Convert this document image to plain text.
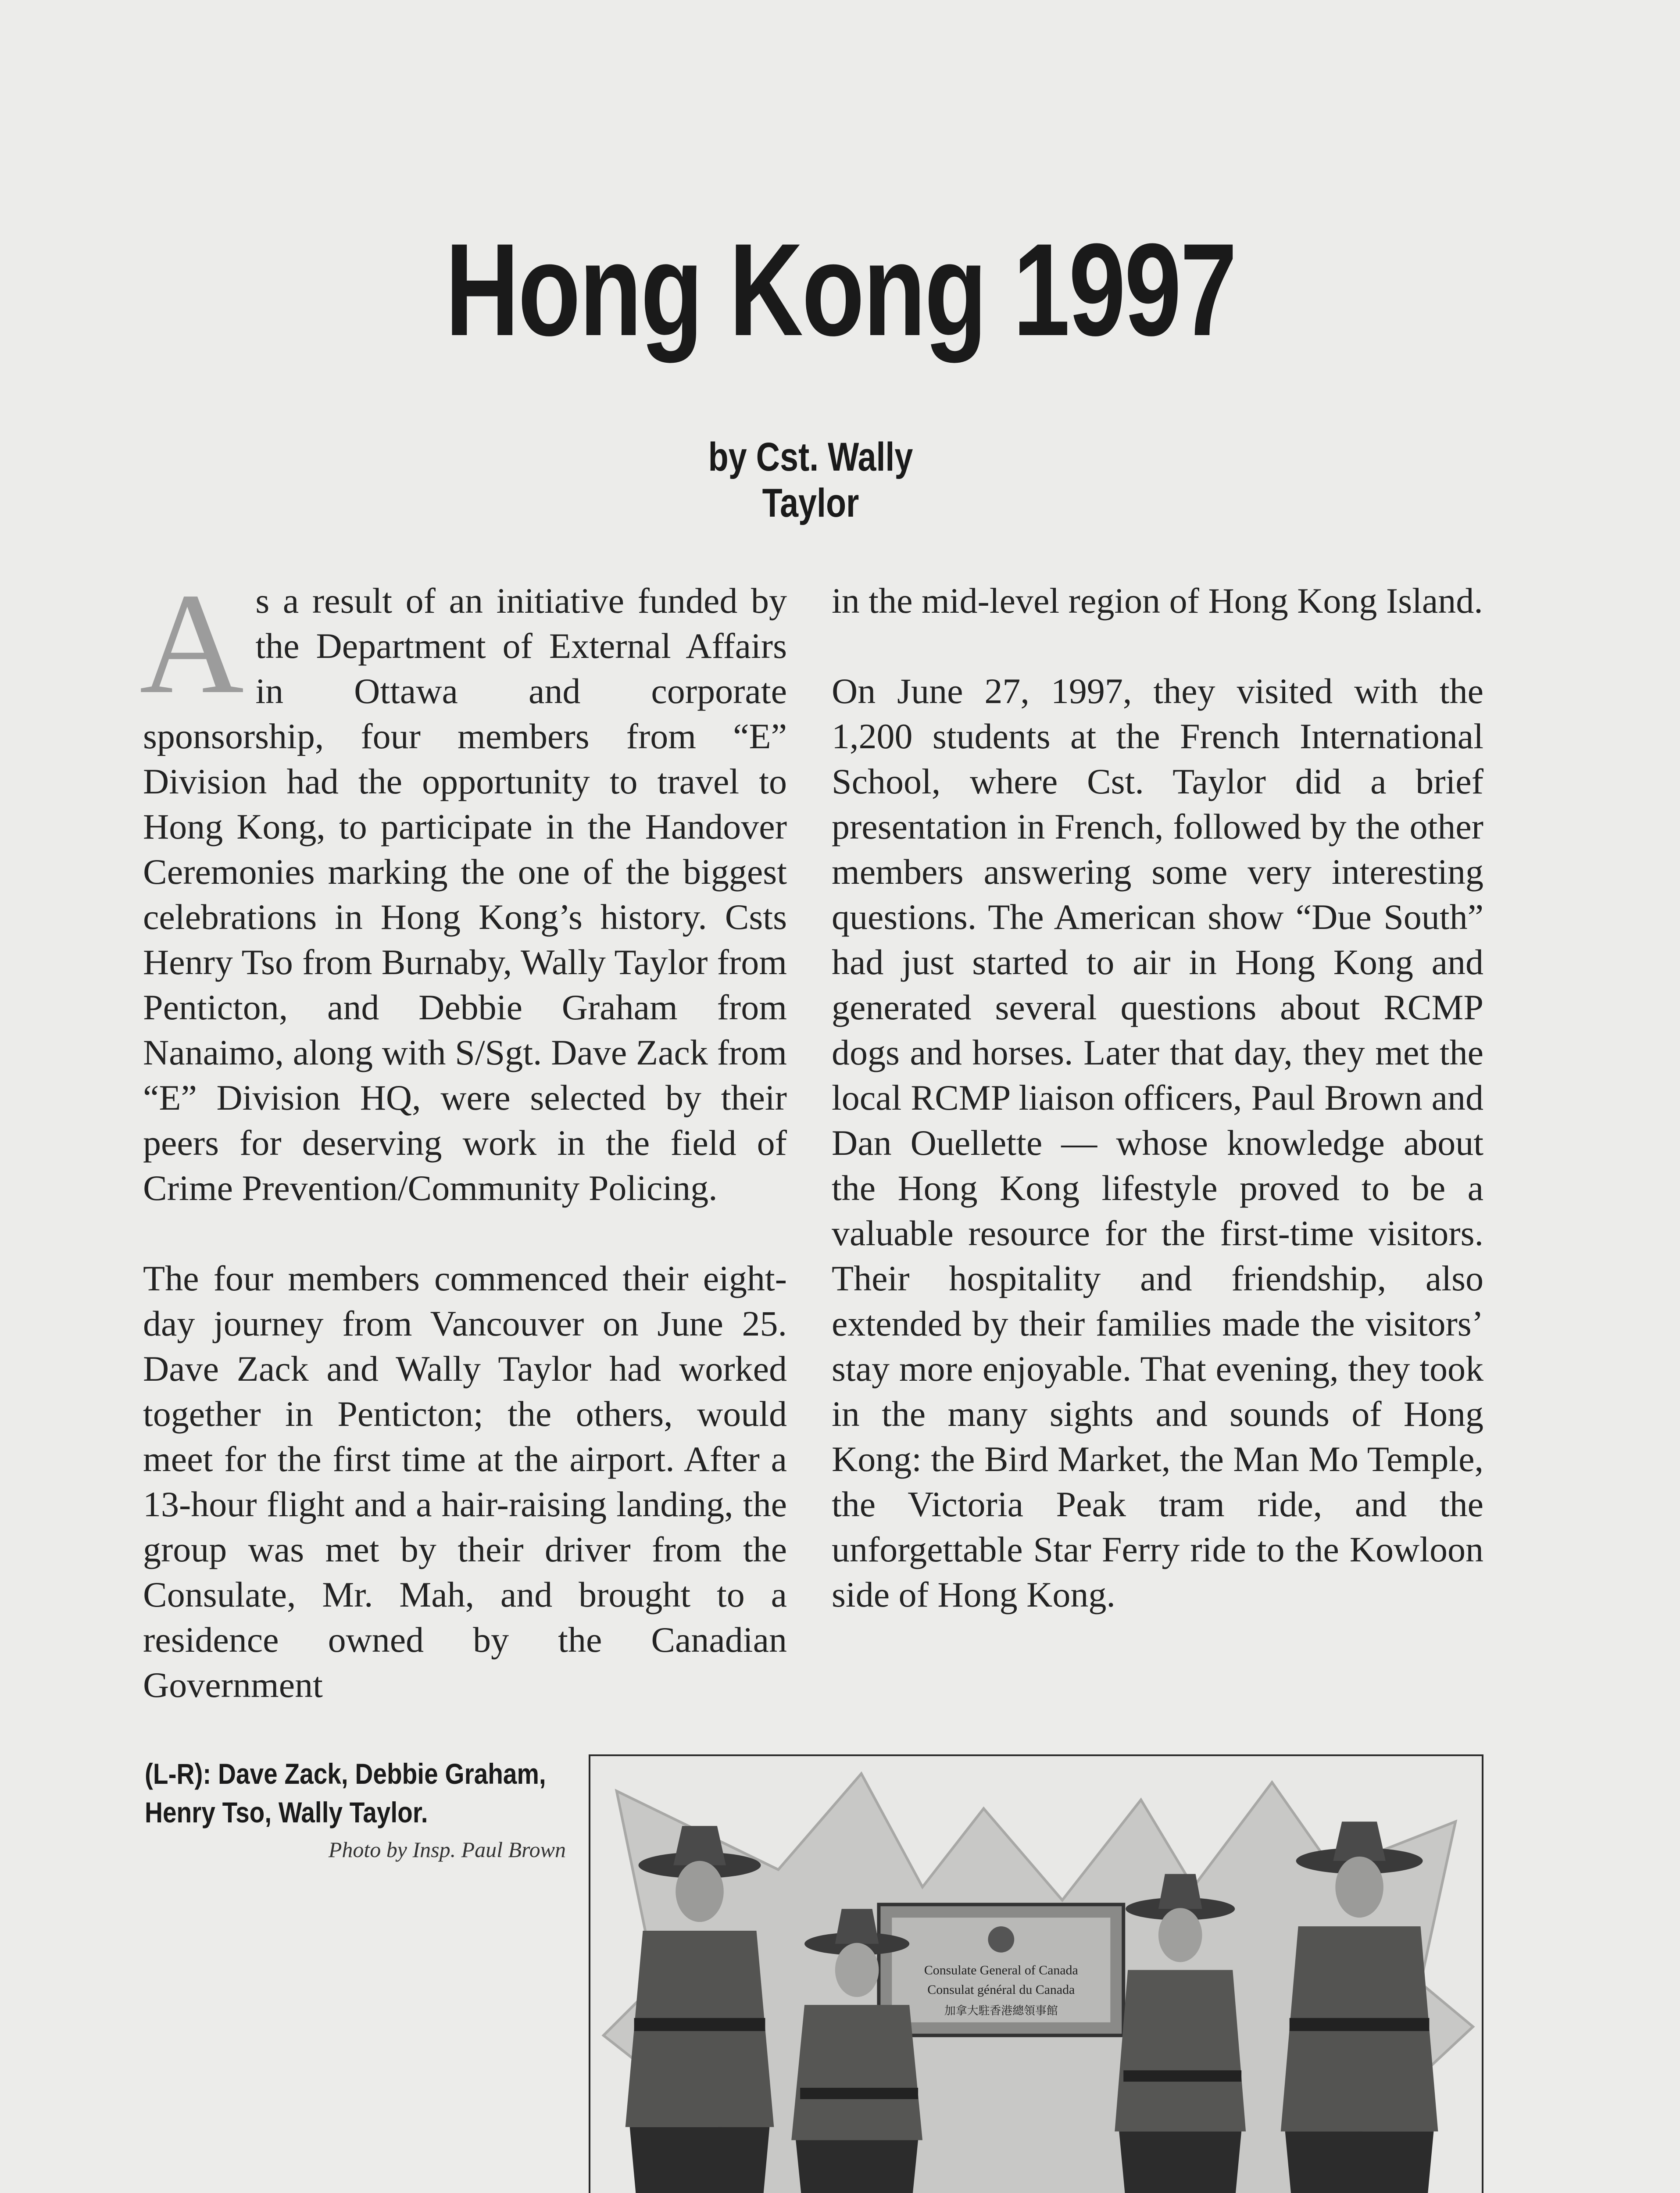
Hong Kong 1997
by Cst. Wally Taylor

As a result of an initiative funded by the Department of External Affairs in Ottawa and corporate sponsorship, four members from “E” Division had the opportunity to travel to Hong Kong, to participate in the Handover Ceremonies marking the one of the biggest celebrations in Hong Kong’s history. Csts Henry Tso from Burnaby, Wally Taylor from Penticton, and Debbie Graham from Nanaimo, along with S/Sgt. Dave Zack from “E” Division HQ, were selected by their peers for deserving work in the field of Crime Prevention/Community Policing.

The four members commenced their eight-day journey from Vancouver on June 25. Dave Zack and Wally Taylor had worked together in Penticton; the others, would meet for the first time at the airport. After a 13-hour flight and a hair-raising landing, the group was met by their driver from the Consulate, Mr. Mah, and brought to a residence owned by the Canadian Government

in the mid-level region of Hong Kong Island.

On June 27, 1997, they visited with the 1,200 students at the French International School, where Cst. Taylor did a brief presentation in French, followed by the other members answering some very interesting questions. The American show “Due South” had just started to air in Hong Kong and generated several questions about RCMP dogs and horses. Later that day, they met the local RCMP liaison officers, Paul Brown and Dan Ouellette — whose knowledge about the Hong Kong lifestyle proved to be a valuable resource for the first-time visitors. Their hospitality and friendship, also extended by their families made the visitors’ stay more enjoyable. That evening, they took in the many sights and sounds of Hong Kong: the Bird Market, the Man Mo Temple, the Victoria Peak tram ride, and the unforgettable Star Ferry ride to the Kowloon side of Hong Kong.

(L-R): Dave Zack, Debbie Graham, Henry Tso, Wally Taylor.
Photo by Insp. Paul Brown
Consulate General of Canada
Consulat général du Canada
加拿大駐香港總領事館
